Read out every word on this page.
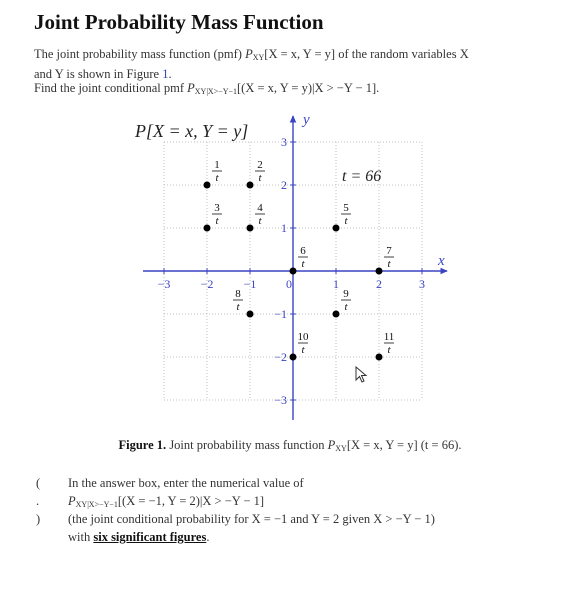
Joint Probability Mass Function
The joint probability mass function (pmf) $P_{XY}[X = x$, Y = y] of the random variables X
and Y is shown in Figure 1.
Find the joint conditional pmf $P_{XY|X>-Y-1}[(X = x$, Y = y)|X > −Y − 1].
−3	−2	−1 0	1	2	3
−3
−2
−1
1
2
3
1
t
2
t
3
t
4
t
5
t
6
t
7
t
8
t
9
t
10
t
11
t
P[X = x, Y = y]
t = 66
x
y
Figure 1. Joint probability mass function $P_{XY}[X = x$, Y = y] (t = 66).
( . )
In the answer box, enter the numerical value of
$P_{XY|X>-Y-1}[(X = -1$, Y = 2)|X > −Y − 1]
(the joint conditional probability for X = −1 and Y = 2 given X > −Y − 1)
with six significant figures.
